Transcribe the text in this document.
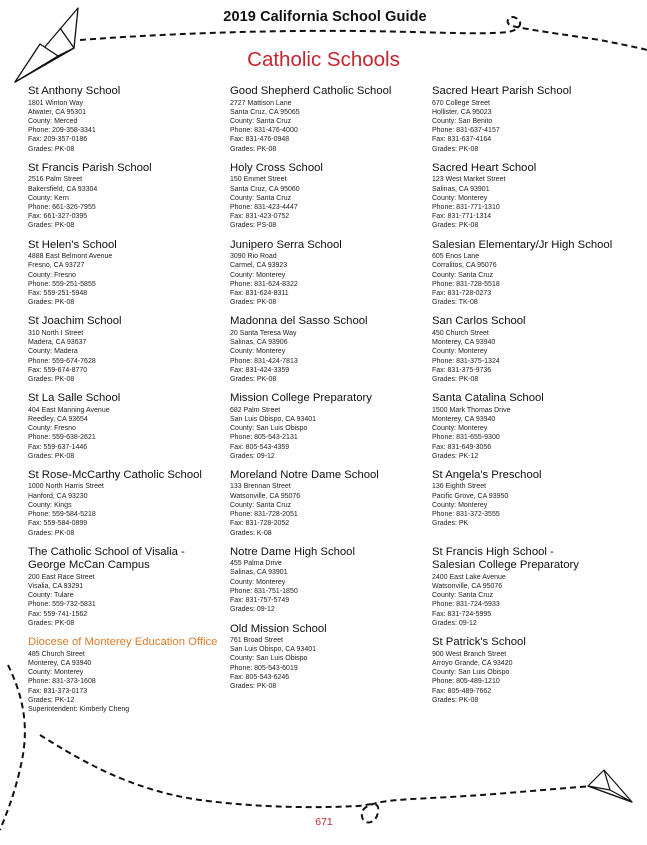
2019 California School Guide
Catholic Schools
St Anthony School
1801 Winton Way
Atwater, CA 95301
County: Merced
Phone: 209-358-3341
Fax: 209-357-0186
Grades: PK-08
St Francis Parish School
2516 Palm Street
Bakersfield, CA 93304
County: Kern
Phone: 661-326-7955
Fax: 661-327-0395
Grades: PK-08
St Helen's School
4888 East Belmont Avenue
Fresno, CA 93727
County: Fresno
Phone: 559-251-5855
Fax: 559-251-5948
Grades: PK-08
St Joachim School
310 North I Street
Madera, CA 93637
County: Madera
Phone: 559-674-7628
Fax: 559-674-8770
Grades: PK-08
St La Salle School
404 East Manning Avenue
Reedley, CA 93654
County: Fresno
Phone: 559-638-2621
Fax: 559-637-1446
Grades: PK-08
St Rose-McCarthy Catholic School
1000 North Harris Street
Hanford, CA 93230
County: Kings
Phone: 559-584-5218
Fax: 559-584-0899
Grades: PK-08
The Catholic School of Visalia -
George McCan Campus
200 East Race Street
Visalia, CA 93291
County: Tulare
Phone: 559-732-5831
Fax: 559-741-1562
Grades: PK-08
Diocese of Monterey Education Office
485 Church Street
Monterey, CA 93940
County: Monterey
Phone: 831-373-1608
Fax: 831-373-0173
Grades: PK-12
Superintendent: Kimberly Cheng
Good Shepherd Catholic School
2727 Mattison Lane
Santa Cruz, CA 95065
County: Santa Cruz
Phone: 831-476-4000
Fax: 831-476-0948
Grades: PK-08
Holy Cross School
150 Emmet Street
Santa Cruz, CA 95060
County: Santa Cruz
Phone: 831-423-4447
Fax: 831-423-0752
Grades: PS-08
Junipero Serra School
3090 Rio Road
Carmel, CA 93923
County: Monterey
Phone: 831-624-8322
Fax: 831-624-8311
Grades: PK-08
Madonna del Sasso School
20 Santa Teresa Way
Salinas, CA 93906
County: Monterey
Phone: 831-424-7813
Fax: 831-424-3359
Grades: PK-08
Mission College Preparatory
682 Palm Street
San Luis Obispo, CA 93401
County: San Luis Obispo
Phone: 805-543-2131
Fax: 805-543-4359
Grades: 09-12
Moreland Notre Dame School
133 Brennan Street
Watsonville, CA 95076
County: Santa Cruz
Phone: 831-728-2051
Fax: 831-728-2052
Grades: K-08
Notre Dame High School
455 Palma Drive
Salinas, CA 93901
County: Monterey
Phone: 831-751-1850
Fax: 831-757-5749
Grades: 09-12
Old Mission School
761 Broad Street
San Luis Obispo, CA 93401
County: San Luis Obispo
Phone: 805-543-6019
Fax: 805-543-6246
Grades: PK-08
Sacred Heart Parish School
670 College Street
Hollister, CA 95023
County: San Benito
Phone: 831-637-4157
Fax: 831-637-4164
Grades: PK-08
Sacred Heart School
123 West Market Street
Salinas, CA 93901
County: Monterey
Phone: 831-771-1310
Fax: 831-771-1314
Grades: PK-08
Salesian Elementary/Jr High School
605 Enos Lane
Corralitos, CA 95076
County: Santa Cruz
Phone: 831-728-5518
Fax: 831-728-0273
Grades: TK-08
San Carlos School
450 Church Street
Monterey, CA 93940
County: Monterey
Phone: 831-375-1324
Fax: 831-375-9736
Grades: PK-08
Santa Catalina School
1500 Mark Thomas Drive
Monterey, CA 93940
County: Monterey
Phone: 831-655-9300
Fax: 831-649-3056
Grades: PK-12
St Angela's Preschool
136 Eighth Street
Pacific Grove, CA 93950
County: Monterey
Phone: 831-372-3555
Grades: PK
St Francis High School -
Salesian College Preparatory
2400 East Lake Avenue
Watsonville, CA 95076
County: Santa Cruz
Phone: 831-724-5933
Fax: 831-724-5995
Grades: 09-12
St Patrick's School
900 West Branch Street
Arroyo Grande, CA 93420
County: San Luis Obispo
Phone: 805-489-1210
Fax: 805-489-7662
Grades: PK-08
671
